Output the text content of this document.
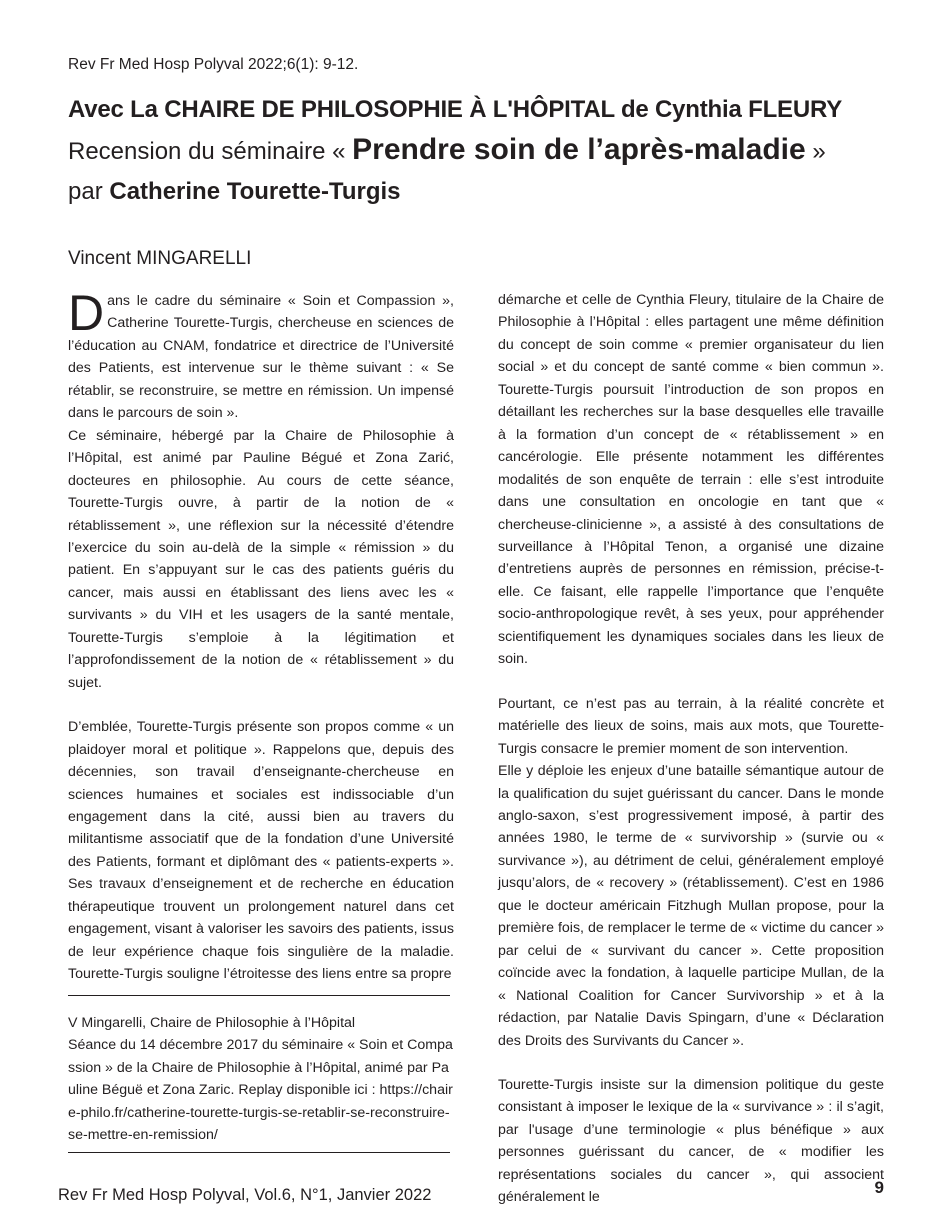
Rev Fr Med Hosp Polyval 2022;6(1): 9-12.
Avec La CHAIRE DE PHILOSOPHIE À L'HÔPITAL de Cynthia FLEURY
Recension du séminaire « Prendre soin de l’après-maladie »
par Catherine Tourette-Turgis
Vincent MINGARELLI

Dans le cadre du séminaire « Soin et Compassion », Catherine Tourette-Turgis, chercheuse en sciences de l’éducation au CNAM, fondatrice et directrice de l’Université des Patients, est intervenue sur le thème suivant : « Se rétablir, se reconstruire, se mettre en rémission. Un impensé dans le parcours de soin ».

Ce séminaire, hébergé par la Chaire de Philosophie à l’Hôpital, est animé par Pauline Bégué et Zona Zarić, docteures en philosophie. Au cours de cette séance, Tourette-Turgis ouvre, à partir de la notion de « rétablissement », une réflexion sur la nécessité d’étendre l’exercice du soin au-delà de la simple « rémission » du patient. En s’appuyant sur le cas des patients guéris du cancer, mais aussi en établissant des liens avec les « survivants » du VIH et les usagers de la santé mentale, Tourette-Turgis s’emploie à la légitimation et l’approfondissement de la notion de « rétablissement » du sujet.

D’emblée, Tourette-Turgis présente son propos comme « un plaidoyer moral et politique ». Rappelons que, depuis des décennies, son travail d’enseignante-chercheuse en sciences humaines et sociales est indissociable d’un engagement dans la cité, aussi bien au travers du militantisme associatif que de la fondation d’une Université des Patients, formant et diplômant des « patients-experts ». Ses travaux d’enseignement et de recherche en éducation thérapeutique trouvent un prolongement naturel dans cet engagement, visant à valoriser les savoirs des patients, issus de leur expérience chaque fois singulière de la maladie. Tourette-Turgis souligne l’étroitesse des liens entre sa propre

démarche et celle de Cynthia Fleury, titulaire de la Chaire de Philosophie à l’Hôpital : elles partagent une même définition du concept de soin comme « premier organisateur du lien social » et du concept de santé comme « bien commun ». Tourette-Turgis poursuit l’introduction de son propos en détaillant les recherches sur la base desquelles elle travaille à la formation d’un concept de « rétablissement » en cancérologie. Elle présente notamment les différentes modalités de son enquête de terrain : elle s’est introduite dans une consultation en oncologie en tant que « chercheuse-clinicienne », a assisté à des consultations de surveillance à l’Hôpital Tenon, a organisé une dizaine d’entretiens auprès de personnes en rémission, précise-t-elle. Ce faisant, elle rappelle l’importance que l’enquête socio-anthropologique revêt, à ses yeux, pour appréhender scientifiquement les dynamiques sociales dans les lieux de soin.

Pourtant, ce n’est pas au terrain, à la réalité concrète et matérielle des lieux de soins, mais aux mots, que Tourette-Turgis consacre le premier moment de son intervention.

Elle y déploie les enjeux d’une bataille sémantique autour de la qualification du sujet guérissant du cancer. Dans le monde anglo-saxon, s’est progressivement imposé, à partir des années 1980, le terme de « survivorship » (survie ou « survivance »), au détriment de celui, généralement employé jusqu’alors, de « recovery » (rétablissement). C’est en 1986 que le docteur américain Fitzhugh Mullan propose, pour la première fois, de remplacer le terme de « victime du cancer » par celui de « survivant du cancer ». Cette proposition coïncide avec la fondation, à laquelle participe Mullan, de la « National Coalition for Cancer Survivorship » et à la rédaction, par Natalie Davis Spingarn, d’une « Déclaration des Droits des Survivants du Cancer ».

Tourette-Turgis insiste sur la dimension politique du geste consistant à imposer le lexique de la « survivance » : il s’agit, par l'usage d’une terminologie « plus bénéfique » aux personnes guérissant du cancer, de « modifier les représentations sociales du cancer », qui associent généralement le

V Mingarelli, Chaire de Philosophie à l’Hôpital

Séance du 14 décembre 2017 du séminaire « Soin et Compassion » de la Chaire de Philosophie à l’Hôpital, animé par Pauline Béguë et Zona Zaric. Replay disponible ici : https://chaire-philo.fr/catherine-tourette-turgis-se-retablir-se-reconstruire-se-mettre-en-remission/

Rev Fr Med Hosp Polyval, Vol.6, N°1, Janvier 2022	9
